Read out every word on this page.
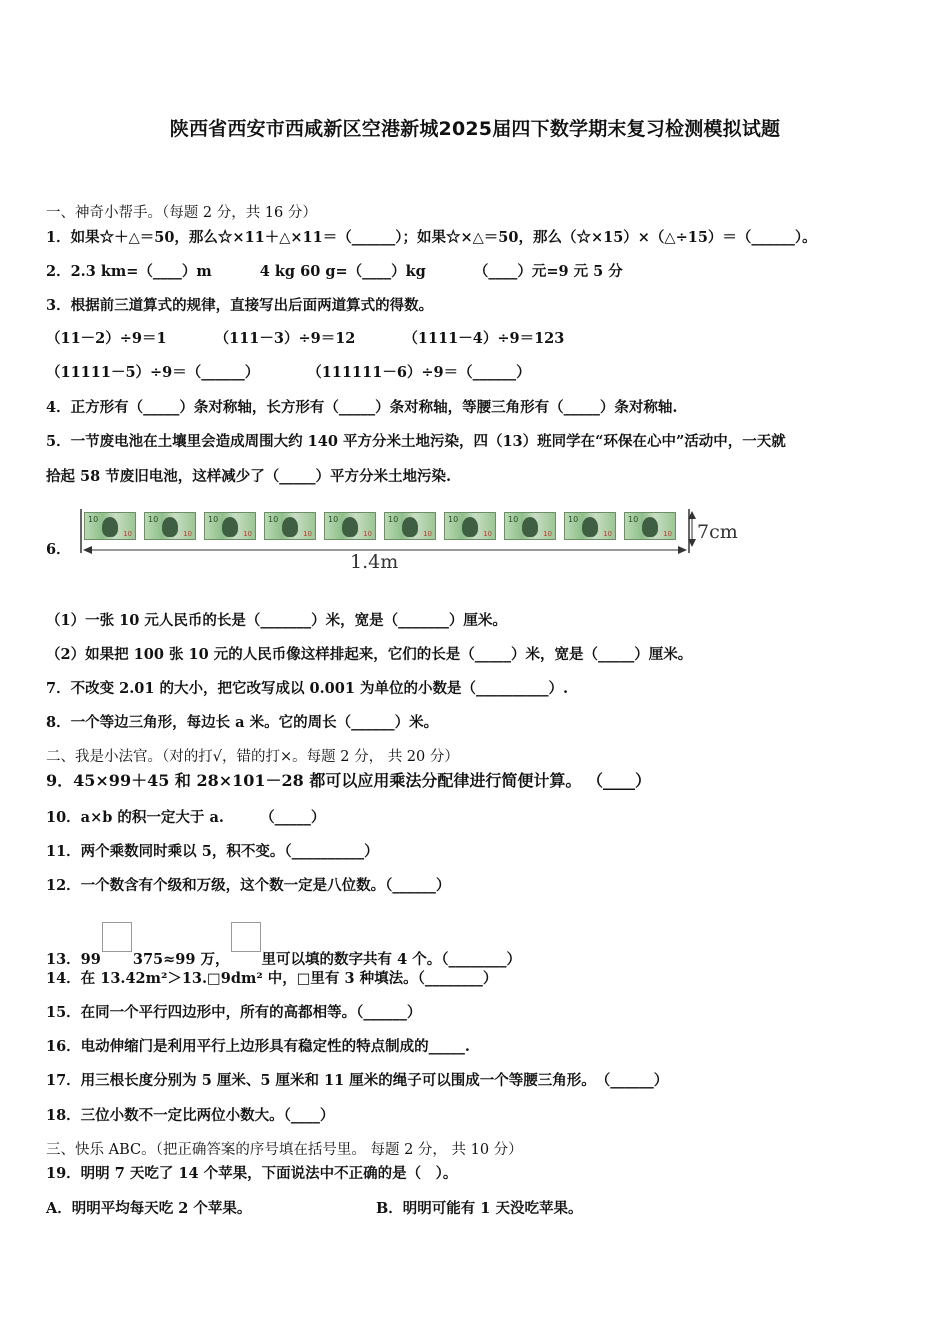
陕西省西安市西咸新区空港新城2025届四下数学期末复习检测模拟试题
一、神奇小帮手。（每题 2 分，共 16 分）
1．如果☆＋△＝50，那么☆×11＋△×11＝（______）；如果☆×△＝50，那么（☆×15）×（△÷15）＝（______）。
2．2.3 km=（____）m	4 kg 60 g=（____）kg	（____）元=9 元 5 分
3．根据前三道算式的规律，直接写出后面两道算式的得数。
（11－2）÷9＝1	（111－3）÷9＝12	（1111－4）÷9＝123
（11111－5）÷9＝（______）	（111111－6）÷9＝（______）
4．正方形有（_____）条对称轴，长方形有（_____）条对称轴，等腰三角形有（_____）条对称轴.
5．一节废电池在土壤里会造成周围大约 140 平方分米土地污染，四（13）班同学在“环保在心中”活动中，一天就
拾起 58 节废旧电池，这样减少了（_____）平方分米土地污染.
6．
10
10
10
10
10
10
10
10
10
10
10
10
10
10
10
10
10
10
10
10
1.4m
7cm
（1）一张 10 元人民币的长是（_______）米，宽是（_______）厘米。
（2）如果把 100 张 10 元的人民币像这样排起来，它们的长是（_____）米，宽是（_____）厘米。
7．不改变 2.01 的大小，把它改写成以 0.001 为单位的小数是（__________）.
8．一个等边三角形，每边长 a 米。它的周长（______）米。
二、我是小法官。（对的打√，错的打×。每题 2 分， 共 20 分）
9．45×99＋45 和 28×101－28 都可以应用乘法分配律进行简便计算。 （____）
10．a×b 的积一定大于 a.　　　（_____）
11．两个乘数同时乘以 5，积不变。（__________）
12．一个数含有个级和万级，这个数一定是八位数。（______）
13．99 375≈99 万， 里可以填的数字共有 4 个。（________）
14．在 13.42m²＞13.□9dm² 中，□里有 3 种填法。（________）
15．在同一个平行四边形中，所有的高都相等。（______）
16．电动伸缩门是利用平行上边形具有稳定性的特点制成的_____.
17．用三根长度分别为 5 厘米、5 厘米和 11 厘米的绳子可以围成一个等腰三角形。　（______）
18．三位小数不一定比两位小数大。（____）
三、快乐 ABC。（把正确答案的序号填在括号里。 每题 2 分， 共 10 分）
19．明明 7 天吃了 14 个苹果，下面说法中不正确的是（　）。
A．明明平均每天吃 2 个苹果。	B．明明可能有 1 天没吃苹果。
